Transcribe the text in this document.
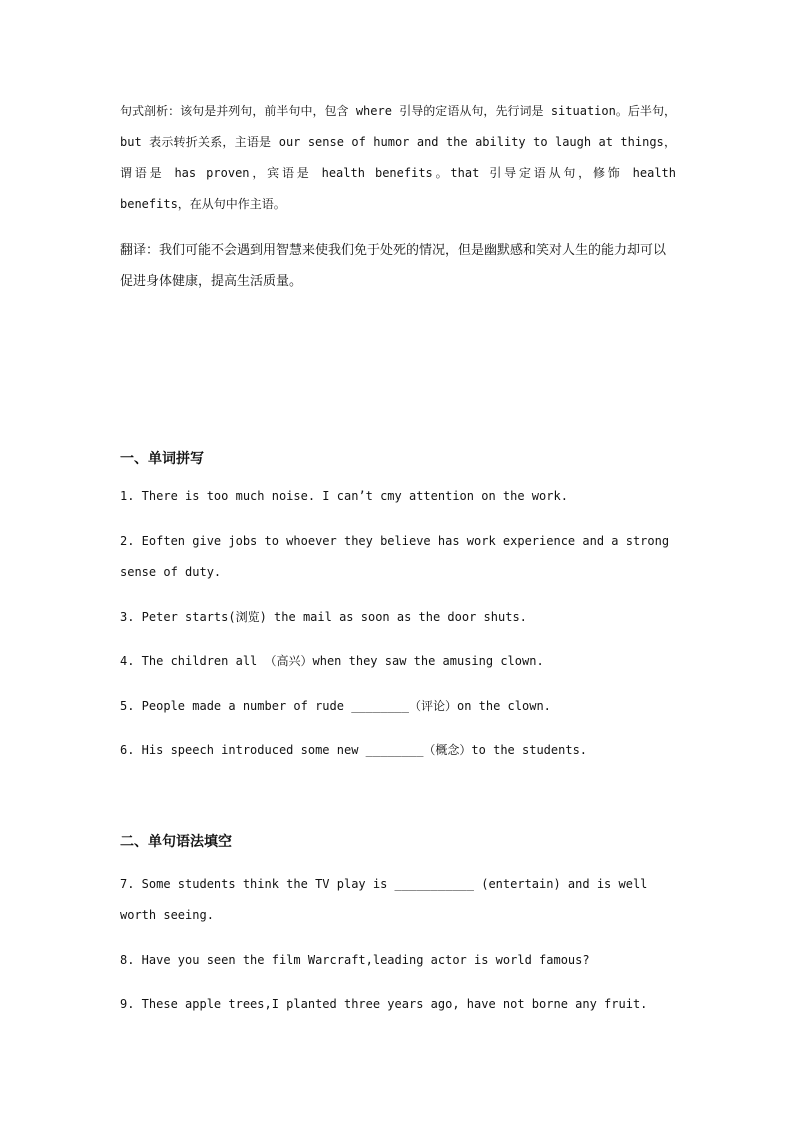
句式剖析：该句是并列句，前半句中，包含 where 引导的定语从句，先行词是 situation。后半句，but 表示转折关系，主语是 our sense of humor and the ability to laugh at things，谓语是 has proven，宾语是 health benefits。that 引导定语从句，修饰 health benefits，在从句中作主语。

翻译：我们可能不会遇到用智慧来使我们免于处死的情况，但是幽默感和笑对人生的能力却可以促进身体健康，提高生活质量。

一、单词拼写

1. There is too much noise. I can’t cmy attention on the work.

2. Eoften give jobs to whoever they believe has work experience and a strong sense of duty.

3. Peter starts(浏览) the mail as soon as the door shuts.

4. The children all （高兴）when they saw the amusing clown.

5. People made a number of rude ________（评论）on the clown.

6. His speech introduced some new ________（概念）to the students.

二、单句语法填空

7. Some students think the TV play is ___________ (entertain) and is well worth seeing.

8. Have you seen the film Warcraft,leading actor is world famous?

9. These apple trees,I planted three years ago, have not borne any fruit.
